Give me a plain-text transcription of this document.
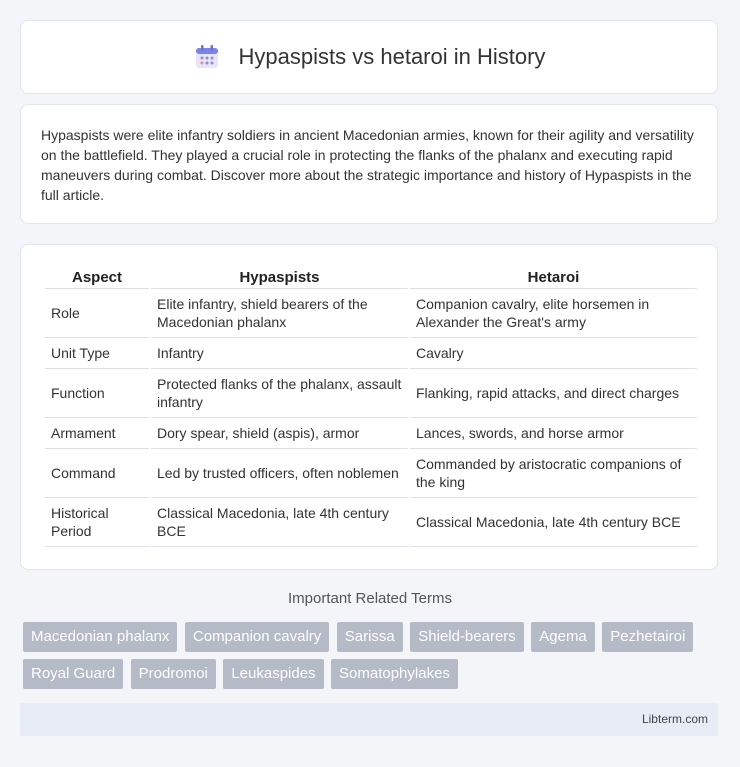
Hypaspists vs hetaroi in History
Hypaspists were elite infantry soldiers in ancient Macedonian armies, known for their agility and versatility on the battlefield. They played a crucial role in protecting the flanks of the phalanx and executing rapid maneuvers during combat. Discover more about the strategic importance and history of Hypaspists in the full article.
Aspect	Hypaspists	Hetaroi
Role	Elite infantry, shield bearers of the Macedonian phalanx	Companion cavalry, elite horsemen in Alexander the Great's army
Unit Type	Infantry	Cavalry
Function	Protected flanks of the phalanx, assault infantry	Flanking, rapid attacks, and direct charges
Armament	Dory spear, shield (aspis), armor	Lances, swords, and horse armor
Command	Led by trusted officers, often noblemen	Commanded by aristocratic companions of the king
Historical Period	Classical Macedonia, late 4th century BCE	Classical Macedonia, late 4th century BCE
Important Related Terms
Macedonian phalanx Companion cavalry Sarissa Shield-bearers Agema Pezhetairoi Royal Guard Prodromoi Leukaspides Somatophylakes
Libterm.com
